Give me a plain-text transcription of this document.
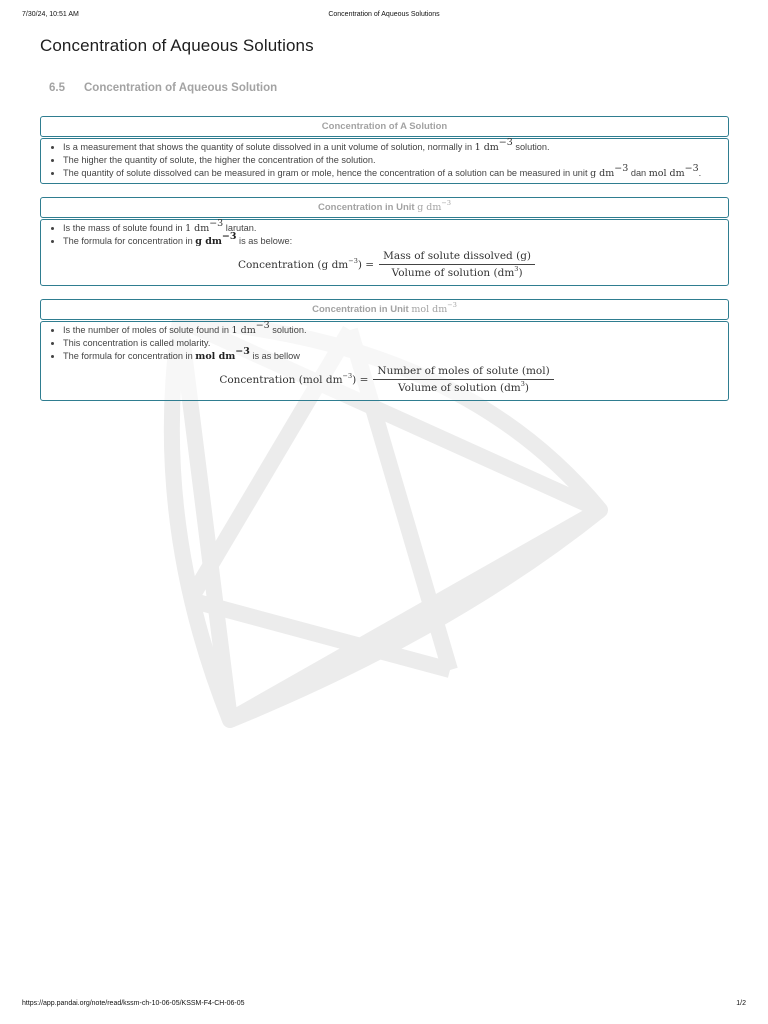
7/30/24, 10:51 AM	Concentration of Aqueous Solutions
Concentration of Aqueous Solutions
6.5 Concentration of Aqueous Solution
Concentration of A Solution
• Is a measurement that shows the quantity of solute dissolved in a unit volume of solution, normally in 1 $dm^{-3}$ solution.
• The higher the quantity of solute, the higher the concentration of the solution.
• The quantity of solute dissolved can be measured in gram or mole, hence the concentration of a solution can be measured in unit g $dm^{-3}$ dan mol $dm^{-3}$.
Concentration in Unit g $dm^{-3}$
• Is the mass of solute found in 1 $dm^{-3}$ larutan.
• The formula for concentration in g $dm^{-3}$ is as belowe:
Concentration (g $dm^{-3}) = \frac{\text{Mass of solute dissolved (g)}}{Volume of solution (dm^3)}$
Concentration in Unit mol $dm^{-3}$
• Is the number of moles of solute found in 1 $dm^{-3}$ solution.
• This concentration is called molarity.
• The formula for concentration in mol $dm^{-3}$ is as bellow
Concentration (mol $dm^{-3}) = \frac{\text{Number of moles of solute (mol)}}{Volume of solution (dm^3)}$
https://app.pandai.org/note/read/kssm-ch-10-06-05/KSSM-F4-CH-06-05	1/2
